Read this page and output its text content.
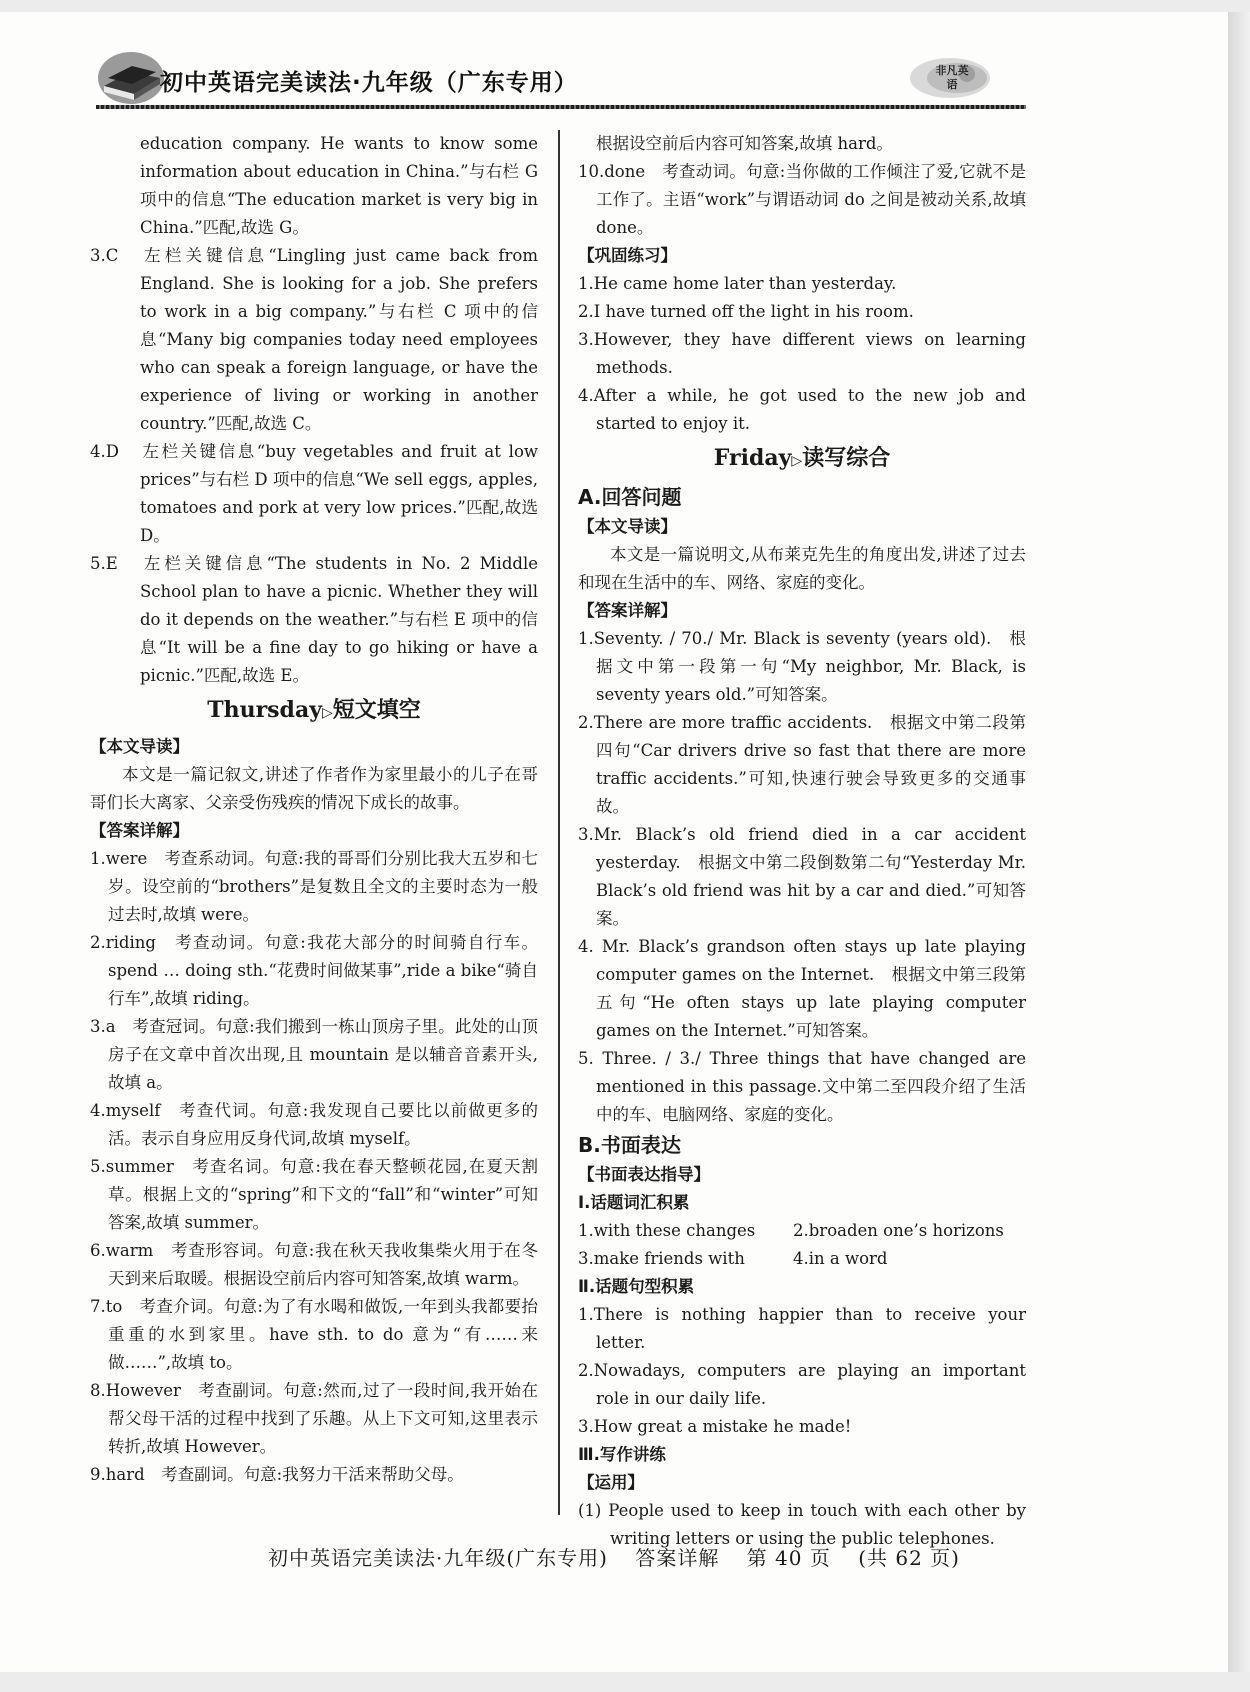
初中英语完美读法·九年级（广东专用）	非凡英语

education company. He wants to know some information about education in China.”与右栏 G 项中的信息“The education market is very big in China.”匹配,故选 G。

3.C 左栏关键信息“Lingling just came back from England. She is looking for a job. She prefers to work in a big company.”与右栏 C 项中的信息“Many big companies today need employees who can speak a foreign language, or have the experience of living or working in another country.”匹配,故选 C。

4.D 左栏关键信息“buy vegetables and fruit at low prices”与右栏 D 项中的信息“We sell eggs, apples, tomatoes and pork at very low prices.”匹配,故选 D。

5.E 左栏关键信息“The students in No. 2 Middle School plan to have a picnic. Whether they will do it depends on the weather.”与右栏 E 项中的信息“It will be a fine day to go hiking or have a picnic.”匹配,故选 E。

Thursday▷短文填空

【本文导读】

本文是一篇记叙文,讲述了作者作为家里最小的儿子在哥哥们长大离家、父亲受伤残疾的情况下成长的故事。

【答案详解】

1.were　考查系动词。句意:我的哥哥们分别比我大五岁和七岁。设空前的“brothers”是复数且全文的主要时态为一般过去时,故填 were。

2.riding　考查动词。句意:我花大部分的时间骑自行车。spend … doing sth.“花费时间做某事”,ride a bike“骑自行车”,故填 riding。

3.a　考查冠词。句意:我们搬到一栋山顶房子里。此处的山顶房子在文章中首次出现,且 mountain 是以辅音音素开头,故填 a。

4.myself　考查代词。句意:我发现自己要比以前做更多的活。表示自身应用反身代词,故填 myself。

5.summer　考查名词。句意:我在春天整顿花园,在夏天割草。根据上文的“spring”和下文的“fall”和“winter”可知答案,故填 summer。

6.warm　考查形容词。句意:我在秋天我收集柴火用于在冬天到来后取暖。根据设空前后内容可知答案,故填 warm。

7.to　考查介词。句意:为了有水喝和做饭,一年到头我都要抬重重的水到家里。have sth. to do 意为“有……来做……”,故填 to。

8.However　考查副词。句意:然而,过了一段时间,我开始在帮父母干活的过程中找到了乐趣。从上下文可知,这里表示转折,故填 However。

9.hard　考查副词。句意:我努力干活来帮助父母。

根据设空前后内容可知答案,故填 hard。

10.done　考查动词。句意:当你做的工作倾注了爱,它就不是工作了。主语“work”与谓语动词 do 之间是被动关系,故填 done。

【巩固练习】

1.He came home later than yesterday.

2.I have turned off the light in his room.

3.However, they have different views on learning methods.

4.After a while, he got used to the new job and started to enjoy it.

Friday▷读写综合

A.回答问题

【本文导读】

本文是一篇说明文,从布莱克先生的角度出发,讲述了过去和现在生活中的车、网络、家庭的变化。

【答案详解】

1.Seventy. / 70./ Mr. Black is seventy (years old).　根据文中第一段第一句“My neighbor, Mr. Black, is seventy years old.”可知答案。

2.There are more traffic accidents.　根据文中第二段第四句“Car drivers drive so fast that there are more traffic accidents.”可知,快速行驶会导致更多的交通事故。

3.Mr. Black’s old friend died in a car accident yesterday.　根据文中第二段倒数第二句“Yesterday Mr. Black’s old friend was hit by a car and died.”可知答案。

4. Mr. Black’s grandson often stays up late playing computer games on the Internet.　根据文中第三段第五句“He often stays up late playing computer games on the Internet.”可知答案。

5. Three. / 3./ Three things that have changed are mentioned in this passage.文中第二至四段介绍了生活中的车、电脑网络、家庭的变化。

B.书面表达

【书面表达指导】

Ⅰ.话题词汇积累

1.with these changes	2.broaden one’s horizons
3.make friends with	4.in a word

Ⅱ.话题句型积累

1.There is nothing happier than to receive your letter.

2.Nowadays, computers are playing an important role in our daily life.

3.How great a mistake he made!

Ⅲ.写作讲练

【运用】

(1) People used to keep in touch with each other by writing letters or using the public telephones.

初中英语完美读法·九年级(广东专用) 答案详解 第 40 页 (共 62 页)
